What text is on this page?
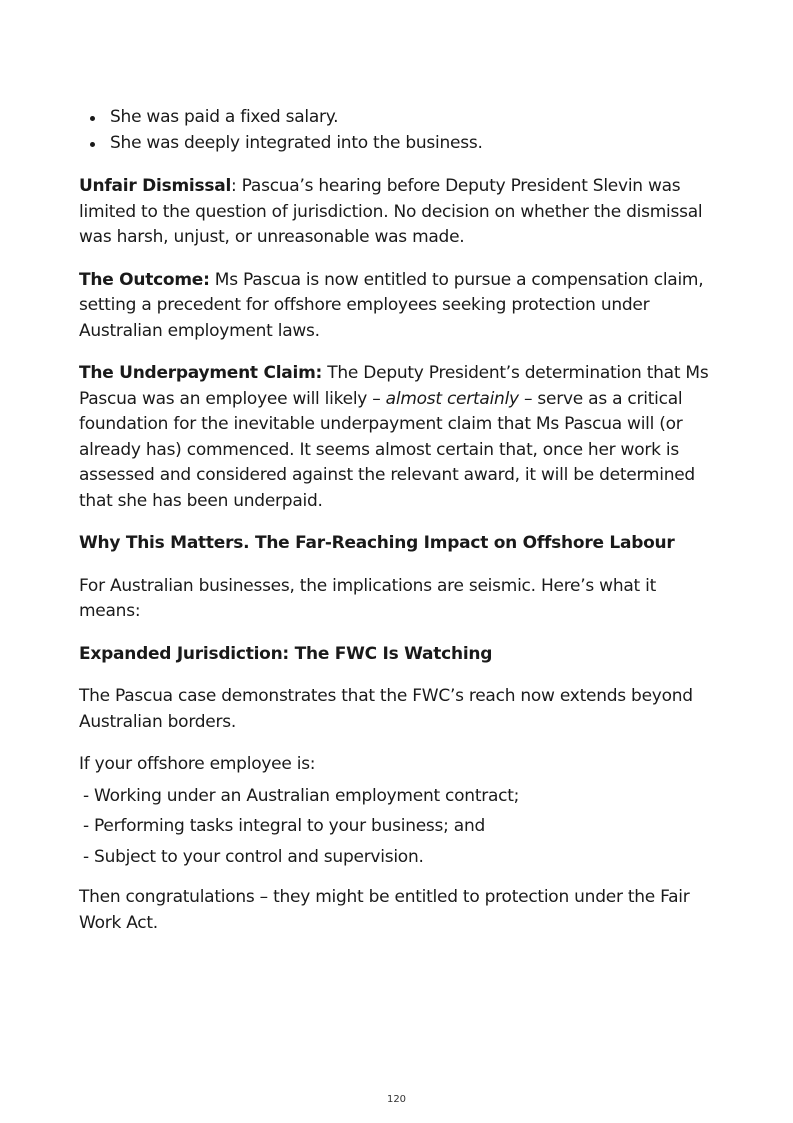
She was paid a fixed salary.
She was deeply integrated into the business.

Unfair Dismissal: Pascua’s hearing before Deputy President Slevin was limited to the question of jurisdiction. No decision on whether the dismissal was harsh, unjust, or unreasonable was made.

The Outcome: Ms Pascua is now entitled to pursue a compensation claim, setting a precedent for offshore employees seeking protection under Australian employment laws.

The Underpayment Claim: The Deputy President’s determination that Ms Pascua was an employee will likely – almost certainly – serve as a critical foundation for the inevitable underpayment claim that Ms Pascua will (or already has) commenced. It seems almost certain that, once her work is assessed and considered against the relevant award, it will be determined that she has been underpaid.

Why This Matters. The Far-Reaching Impact on Offshore Labour

For Australian businesses, the implications are seismic. Here’s what it means:

Expanded Jurisdiction: The FWC Is Watching

The Pascua case demonstrates that the FWC’s reach now extends beyond Australian borders.

If your offshore employee is:

- Working under an Australian employment contract;

- Performing tasks integral to your business; and

- Subject to your control and supervision.

Then congratulations – they might be entitled to protection under the Fair Work Act.

120
